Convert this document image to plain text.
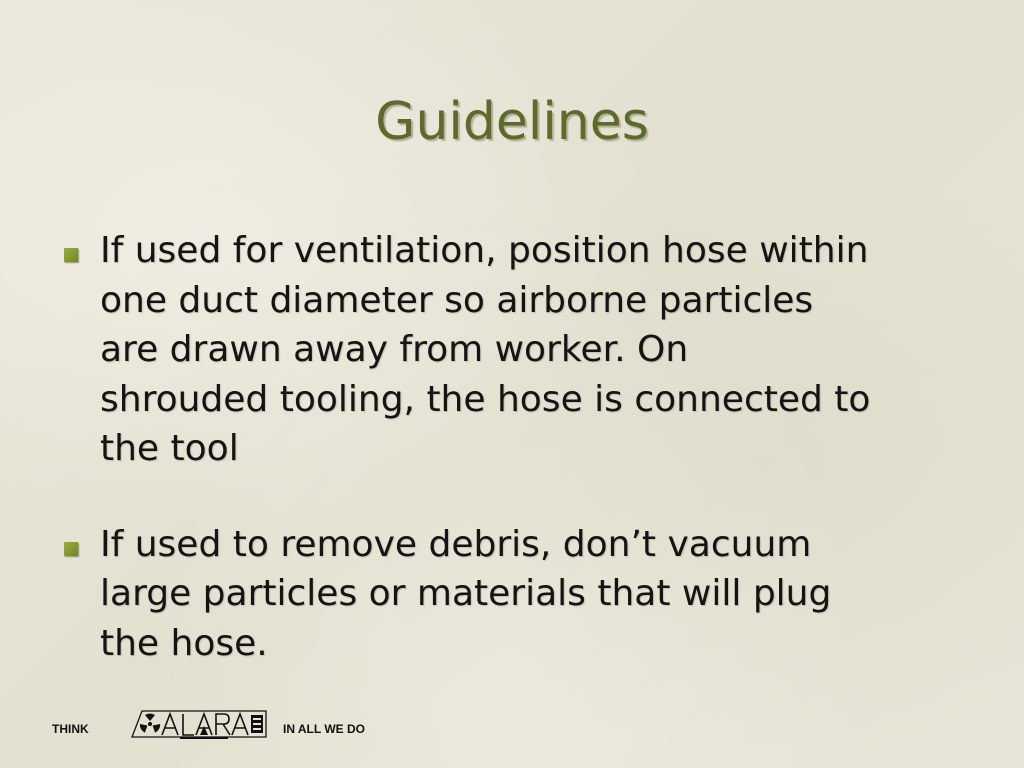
Guidelines
If used for ventilation, position hose within
one duct diameter so airborne particles
are drawn away from worker. On
shrouded tooling, the hose is connected to
the tool
If used to remove debris, don’t vacuum
large particles or materials that will plug
the hose.
THINK	IN ALL WE DO
